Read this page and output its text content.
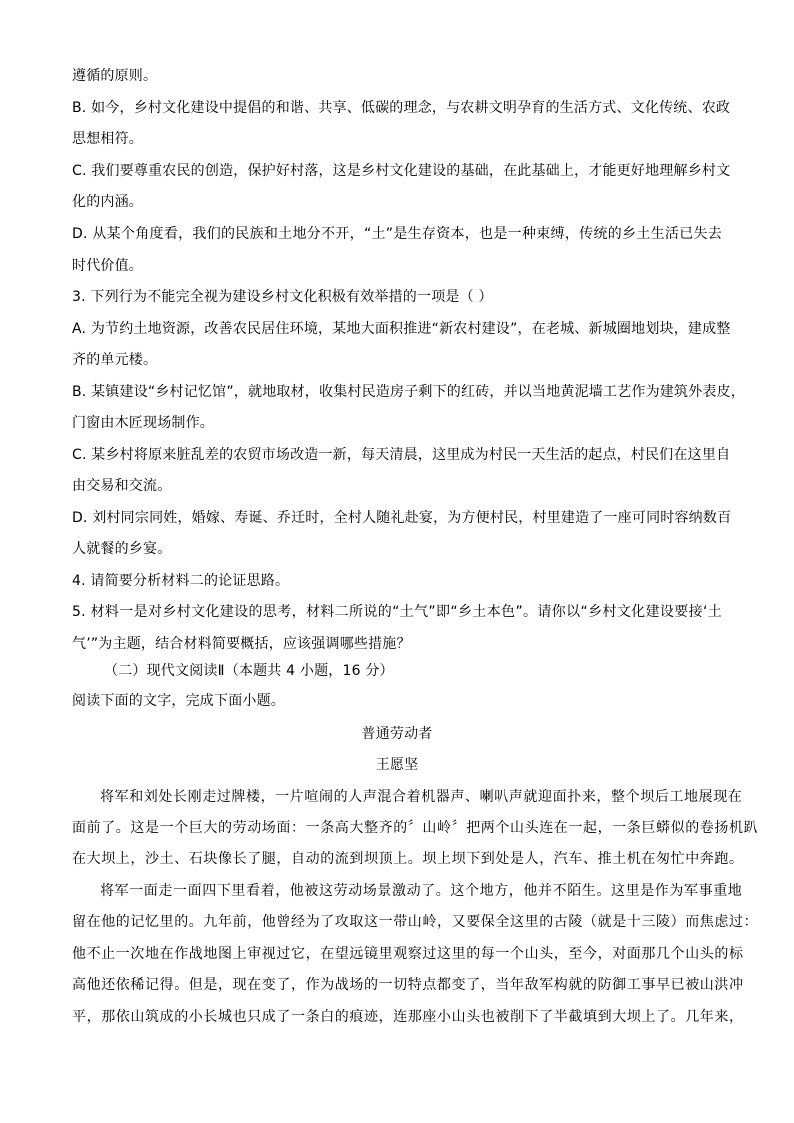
遵循的原则。
B. 如今，乡村文化建设中提倡的和谐、共享、低碳的理念，与农耕文明孕育的生活方式、文化传统、农政
思想相符。
C. 我们要尊重农民的创造，保护好村落，这是乡村文化建设的基础，在此基础上，才能更好地理解乡村文
化的内涵。
D. 从某个角度看，我们的民族和土地分不开，“土”是生存资本，也是一种束缚，传统的乡土生活已失去
时代价值。
3. 下列行为不能完全视为建设乡村文化积极有效举措的一项是（ ）
A. 为节约土地资源，改善农民居住环境，某地大面积推进“新农村建设”，在老城、新城圈地划块，建成整
齐的单元楼。
B. 某镇建设“乡村记忆馆”，就地取材，收集村民造房子剩下的红砖，并以当地黄泥墙工艺作为建筑外表皮，
门窗由木匠现场制作。
C. 某乡村将原来脏乱差的农贸市场改造一新，每天清晨，这里成为村民一天生活的起点，村民们在这里自
由交易和交流。
D. 刘村同宗同姓，婚嫁、寿诞、乔迁时，全村人随礼赴宴，为方便村民，村里建造了一座可同时容纳数百
人就餐的乡宴。
4. 请简要分析材料二的论证思路。
5. 材料一是对乡村文化建设的思考，材料二所说的“土气”即“乡土本色”。请你以“乡村文化建设要接‘土
气’”为主题，结合材料简要概括，应该强调哪些措施？
（二）现代文阅读Ⅱ（本题共 4 小题，16 分）
阅读下面的文字，完成下面小题。
普通劳动者
王愿坚
将军和刘处长刚走过牌楼，一片喧闹的人声混合着机器声、喇叭声就迎面扑来，整个坝后工地展现在
面前了。这是一个巨大的劳动场面：一条高大整齐的〞山岭〞把两个山头连在一起，一条巨蟒似的卷扬机趴
在大坝上，沙土、石块像长了腿，自动的流到坝顶上。坝上坝下到处是人，汽车、推土机在匆忙中奔跑。
将军一面走一面四下里看着，他被这劳动场景激动了。这个地方，他并不陌生。这里是作为军事重地
留在他的记忆里的。九年前，他曾经为了攻取这一带山岭，又要保全这里的古陵（就是十三陵）而焦虑过：
他不止一次地在作战地图上审视过它，在望远镜里观察过这里的每一个山头，至今，对面那几个山头的标
高他还依稀记得。但是，现在变了，作为战场的一切特点都变了，当年敌军构就的防御工事早已被山洪冲
平，那依山筑成的小长城也只成了一条白的痕迹，连那座小山头也被削下了半截填到大坝上了。几年来，
